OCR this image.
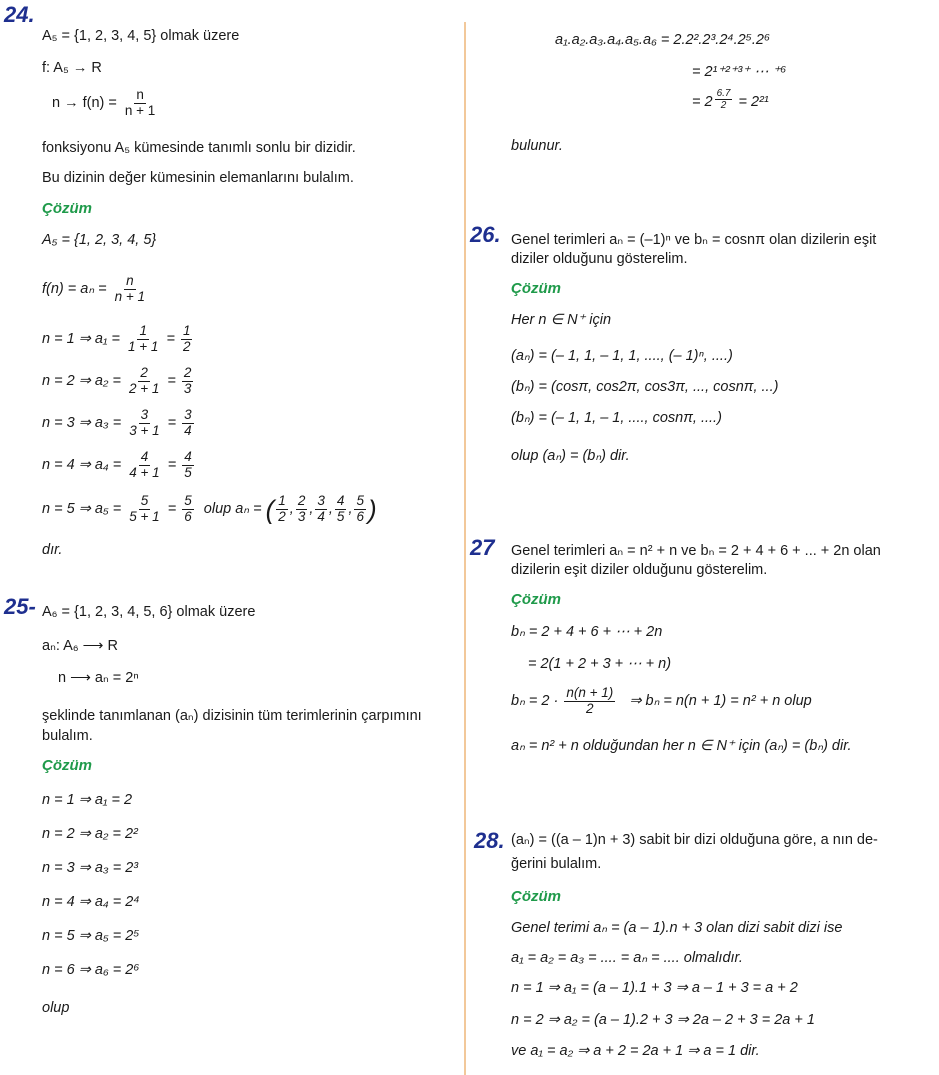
24.
A₅ = {1, 2, 3, 4, 5} olmak üzere
f: A₅ → R
$n \to f(n) = \frac{n}{n + 1}$
fonksiyonu A₅ kümesinde tanımlı sonlu bir dizidir.
Bu dizinin değer kümesinin elemanlarını bulalım.
Çözüm
A₅ = {1, 2, 3, 4, 5}
$f(n) = a_n = \frac{n}{n + 1}$
n = 1 ⇒ $a_1 = \frac{1}{1 + 1} = \frac{1}{2}$
n = 2 ⇒ $a_2 = \frac{2}{2 + 1} = \frac{2}{3}$
n = 3 ⇒ $a_3 = \frac{3}{3 + 1} = \frac{3}{4}$
n = 4 ⇒ $a_4 = \frac{4}{4 + 1} = \frac{4}{5}$
n = 5 ⇒ $a_5 = \frac{5}{5 + 1} = \frac{5}{6}$ olup aₙ = ( $\frac{1}{2}$ , $\frac{2}{3}$ , $\frac{3}{4}$ , $\frac{4}{5}$ , $\frac{5}{6}$ )
dır.
25- A₆ = {1, 2, 3, 4, 5, 6} olmak üzere
aₙ: A₆ ⟶ R
n ⟶ aₙ = 2ⁿ
şeklinde tanımlanan (aₙ) dizisinin tüm terimlerinin çarpımını
bulalım.
Çözüm
n = 1 ⇒ a₁ = 2
n = 2 ⇒ a₂ = 2²
n = 3 ⇒ a₃ = 2³
n = 4 ⇒ a₄ = 2⁴
n = 5 ⇒ a₅ = 2⁵
n = 6 ⇒ a₆ = 2⁶
olup
a₁.a₂.a₃.a₄.a₅.a₆ = 2.2².2³.2⁴.2⁵.2⁶
= 2¹⁺²⁺³⁺ ⋯ ⁺⁶
= $2 \frac{6.7}{2} = 2^{21}$
bulunur.
26. Genel terimleri aₙ = (–1)ⁿ ve bₙ = cosnπ olan dizilerin eşit
diziler olduğunu gösterelim.
Çözüm
Her n ∈ N⁺ için
(aₙ) = (– 1, 1, – 1, 1, ...., (– 1)ⁿ, ....)
(bₙ) = (cosπ, cos2π, cos3π, ..., cosnπ, ...)
(bₙ) = (– 1, 1, – 1, ...., cosnπ, ....)
olup (aₙ) = (bₙ) dir.
27 Genel terimleri aₙ = n² + n ve bₙ = 2 + 4 + 6 + ... + 2n olan
dizilerin eşit diziler olduğunu gösterelim.
Çözüm
bₙ = 2 + 4 + 6 + ⋯ + 2n
= 2(1 + 2 + 3 + ⋯ + n)
$b_n = 2 \cdot \frac{n(n + 1)}{2}$ ⇒ bₙ = n(n + 1) = n² + n olup
aₙ = n² + n olduğundan her n ∈ N⁺ için (aₙ) = (bₙ) dir.
28. (aₙ) = ((a – 1)n + 3) sabit bir dizi olduğuna göre, a nın de-
ğerini bulalım.
Çözüm
Genel terimi aₙ = (a – 1).n + 3 olan dizi sabit dizi ise
a₁ = a₂ = a₃ = .... = aₙ = .... olmalıdır.
n = 1 ⇒ a₁ = (a – 1).1 + 3 ⇒ a – 1 + 3 = a + 2
n = 2 ⇒ a₂ = (a – 1).2 + 3 ⇒ 2a – 2 + 3 = 2a + 1
ve a₁ = a₂ ⇒ a + 2 = 2a + 1 ⇒ a = 1 dir.
